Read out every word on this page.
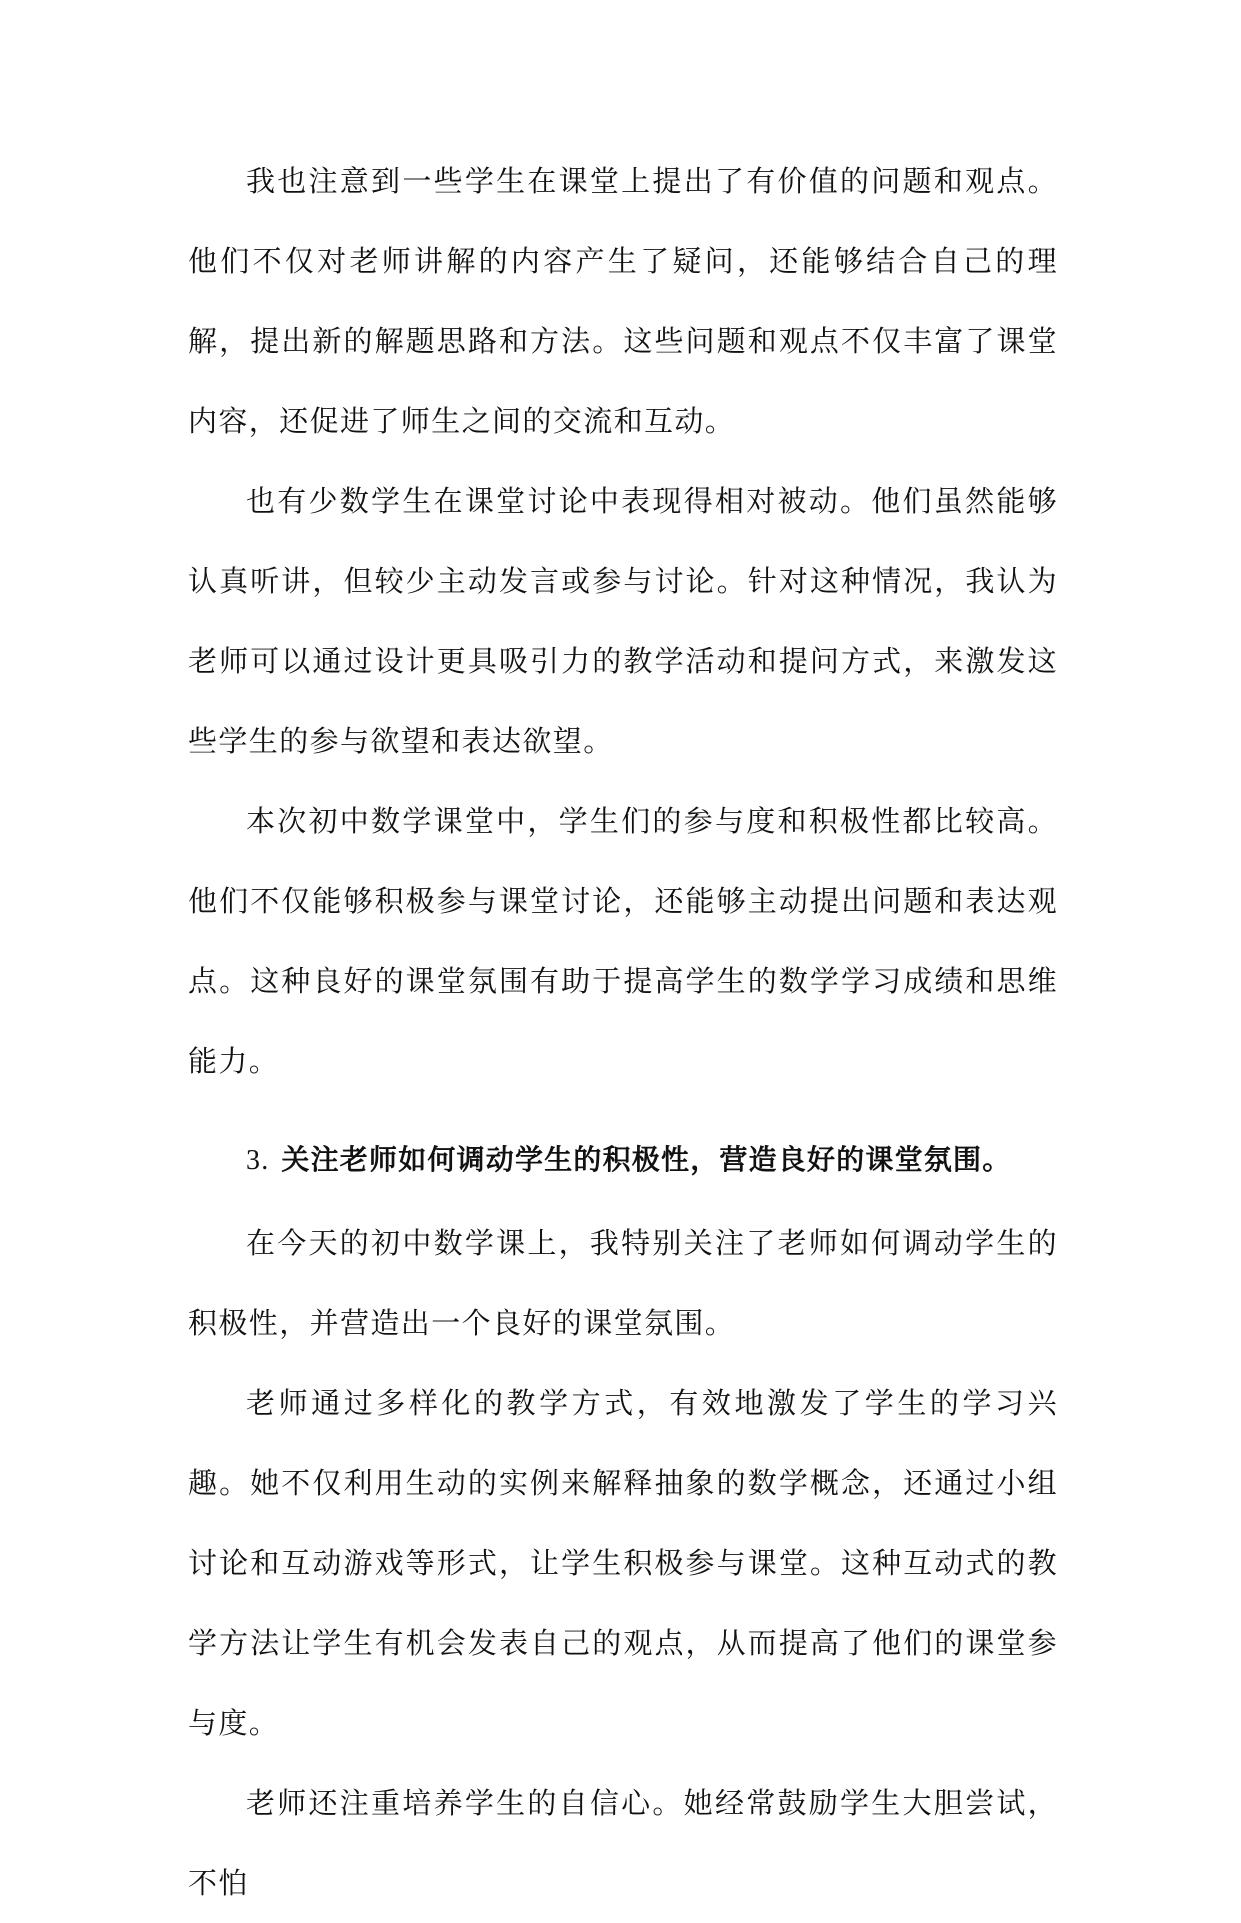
我也注意到一些学生在课堂上提出了有价值的问题和观点。他们不仅对老师讲解的内容产生了疑问，还能够结合自己的理解，提出新的解题思路和方法。这些问题和观点不仅丰富了课堂内容，还促进了师生之间的交流和互动。

也有少数学生在课堂讨论中表现得相对被动。他们虽然能够认真听讲，但较少主动发言或参与讨论。针对这种情况，我认为老师可以通过设计更具吸引力的教学活动和提问方式，来激发这些学生的参与欲望和表达欲望。

本次初中数学课堂中，学生们的参与度和积极性都比较高。他们不仅能够积极参与课堂讨论，还能够主动提出问题和表达观点。这种良好的课堂氛围有助于提高学生的数学学习成绩和思维能力。

3. 关注老师如何调动学生的积极性，营造良好的课堂氛围。

在今天的初中数学课上，我特别关注了老师如何调动学生的积极性，并营造出一个良好的课堂氛围。

老师通过多样化的教学方式，有效地激发了学生的学习兴趣。她不仅利用生动的实例来解释抽象的数学概念，还通过小组讨论和互动游戏等形式，让学生积极参与课堂。这种互动式的教学方法让学生有机会发表自己的观点，从而提高了他们的课堂参与度。

老师还注重培养学生的自信心。她经常鼓励学生大胆尝试，不怕
